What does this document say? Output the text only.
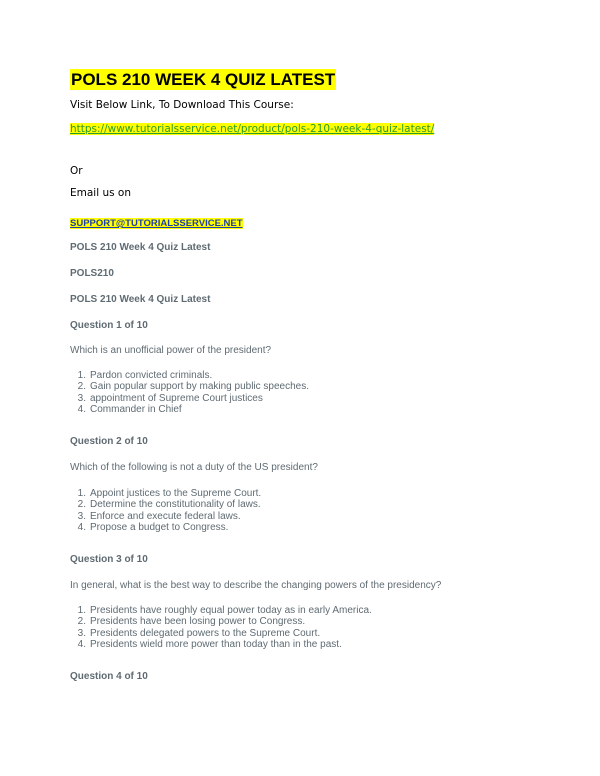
POLS 210 WEEK 4 QUIZ LATEST
Visit Below Link, To Download This Course:
https://www.tutorialsservice.net/product/pols-210-week-4-quiz-latest/
Or
Email us on
SUPPORT@TUTORIALSSERVICE.NET
POLS 210 Week 4 Quiz Latest
POLS210
POLS 210 Week 4 Quiz Latest
Question 1 of 10
Which is an unofficial power of the president?
1. Pardon convicted criminals.
2. Gain popular support by making public speeches.
3. appointment of Supreme Court justices
4. Commander in Chief
Question 2 of 10
Which of the following is not a duty of the US president?
1. Appoint justices to the Supreme Court.
2. Determine the constitutionality of laws.
3. Enforce and execute federal laws.
4. Propose a budget to Congress.
Question 3 of 10
In general, what is the best way to describe the changing powers of the presidency?
1. Presidents have roughly equal power today as in early America.
2. Presidents have been losing power to Congress.
3. Presidents delegated powers to the Supreme Court.
4. Presidents wield more power than today than in the past.
Question 4 of 10
